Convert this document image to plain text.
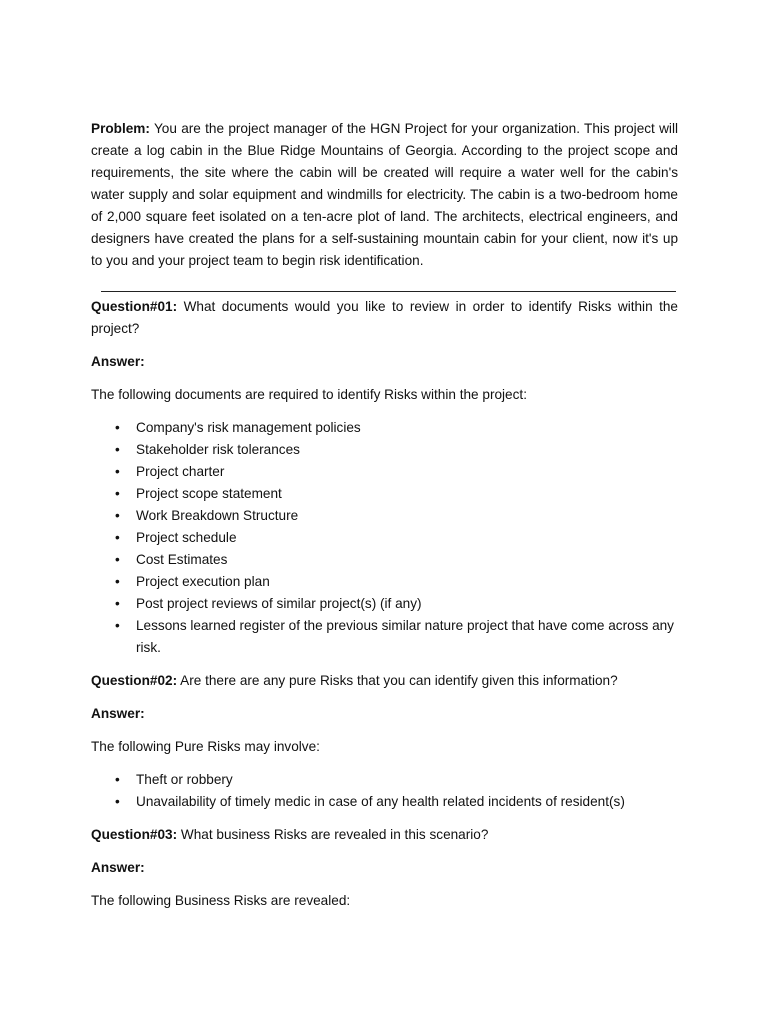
Problem: You are the project manager of the HGN Project for your organization. This project will create a log cabin in the Blue Ridge Mountains of Georgia. According to the project scope and requirements, the site where the cabin will be created will require a water well for the cabin's water supply and solar equipment and windmills for electricity. The cabin is a two-bedroom home of 2,000 square feet isolated on a ten-acre plot of land. The architects, electrical engineers, and designers have created the plans for a self-sustaining mountain cabin for your client, now it's up to you and your project team to begin risk identification.

Question#01: What documents would you like to review in order to identify Risks within the project?

Answer:

The following documents are required to identify Risks within the project:

• Company's risk management policies
• Stakeholder risk tolerances
• Project charter
• Project scope statement
• Work Breakdown Structure
• Project schedule
• Cost Estimates
• Project execution plan
• Post project reviews of similar project(s) (if any)
• Lessons learned register of the previous similar nature project that have come across any risk.

Question#02: Are there are any pure Risks that you can identify given this information?

Answer:

The following Pure Risks may involve:

• Theft or robbery
• Unavailability of timely medic in case of any health related incidents of resident(s)

Question#03: What business Risks are revealed in this scenario?

Answer:

The following Business Risks are revealed:
